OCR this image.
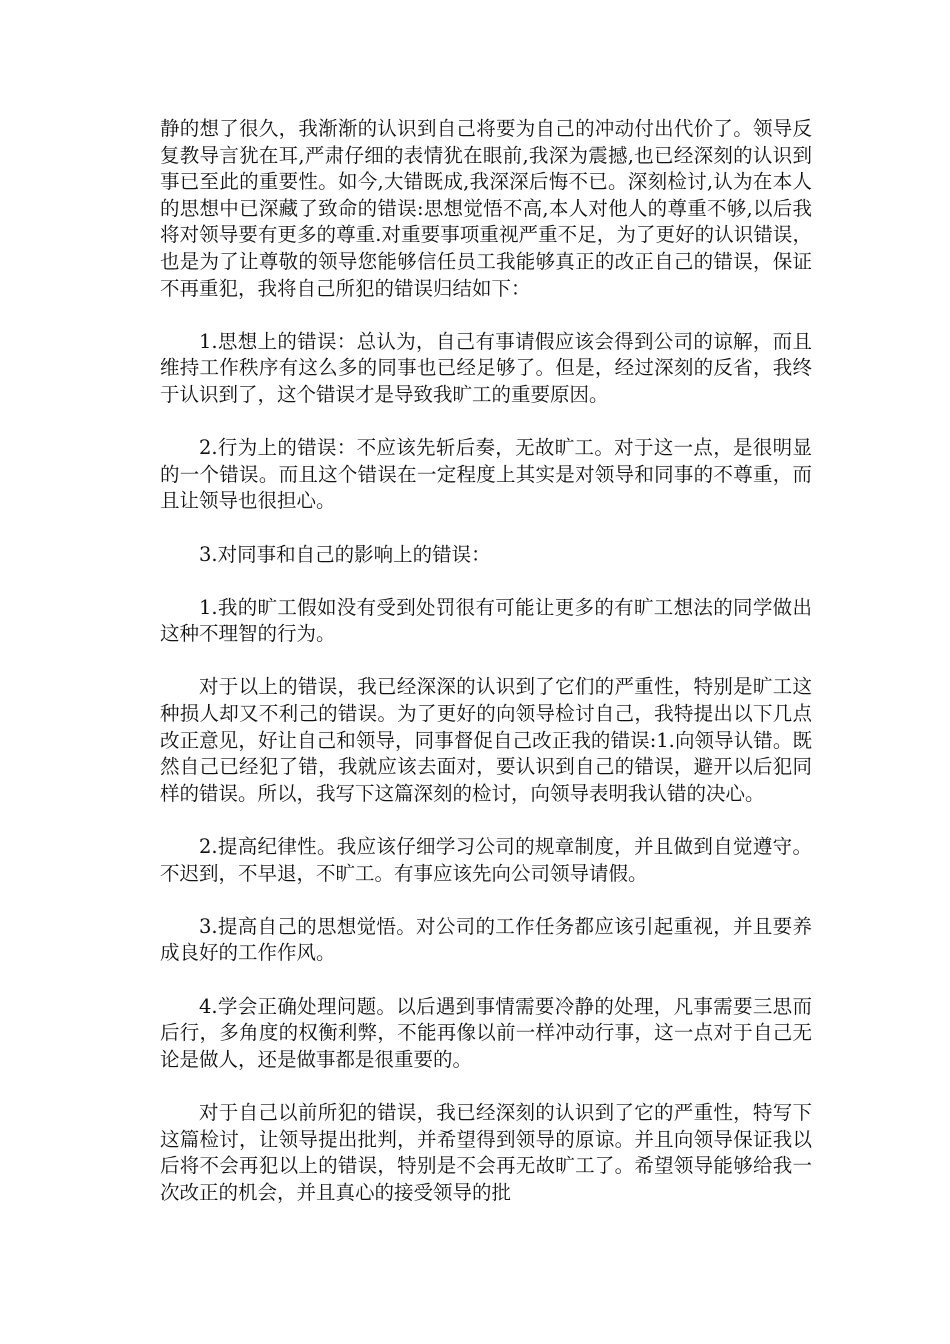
静的想了很久，我渐渐的认识到自己将要为自己的冲动付出代价了。领导反复教导言犹在耳,严肃仔细的表情犹在眼前,我深为震撼,也已经深刻的认识到事已至此的重要性。如今,大错既成,我深深后悔不已。深刻检讨,认为在本人的思想中已深藏了致命的错误:思想觉悟不高,本人对他人的尊重不够,以后我将对领导要有更多的尊重.对重要事项重视严重不足，为了更好的认识错误，也是为了让尊敬的领导您能够信任员工我能够真正的改正自己的错误，保证不再重犯，我将自己所犯的错误归结如下：

1.思想上的错误：总认为，自己有事请假应该会得到公司的谅解，而且维持工作秩序有这么多的同事也已经足够了。但是，经过深刻的反省，我终于认识到了，这个错误才是导致我旷工的重要原因。

2.行为上的错误：不应该先斩后奏，无故旷工。对于这一点，是很明显的一个错误。而且这个错误在一定程度上其实是对领导和同事的不尊重，而且让领导也很担心。

3.对同事和自己的影响上的错误：

1.我的旷工假如没有受到处罚很有可能让更多的有旷工想法的同学做出这种不理智的行为。

对于以上的错误，我已经深深的认识到了它们的严重性，特别是旷工这种损人却又不利己的错误。为了更好的向领导检讨自己，我特提出以下几点改正意见，好让自己和领导，同事督促自己改正我的错误:1.向领导认错。既然自己已经犯了错，我就应该去面对，要认识到自己的错误，避开以后犯同样的错误。所以，我写下这篇深刻的检讨，向领导表明我认错的决心。

2.提高纪律性。我应该仔细学习公司的规章制度，并且做到自觉遵守。不迟到，不早退，不旷工。有事应该先向公司领导请假。

3.提高自己的思想觉悟。对公司的工作任务都应该引起重视，并且要养成良好的工作作风。

4.学会正确处理问题。以后遇到事情需要冷静的处理，凡事需要三思而后行，多角度的权衡利弊，不能再像以前一样冲动行事，这一点对于自己无论是做人，还是做事都是很重要的。

对于自己以前所犯的错误，我已经深刻的认识到了它的严重性，特写下这篇检讨，让领导提出批判，并希望得到领导的原谅。并且向领导保证我以后将不会再犯以上的错误，特别是不会再无故旷工了。希望领导能够给我一次改正的机会，并且真心的接受领导的批
